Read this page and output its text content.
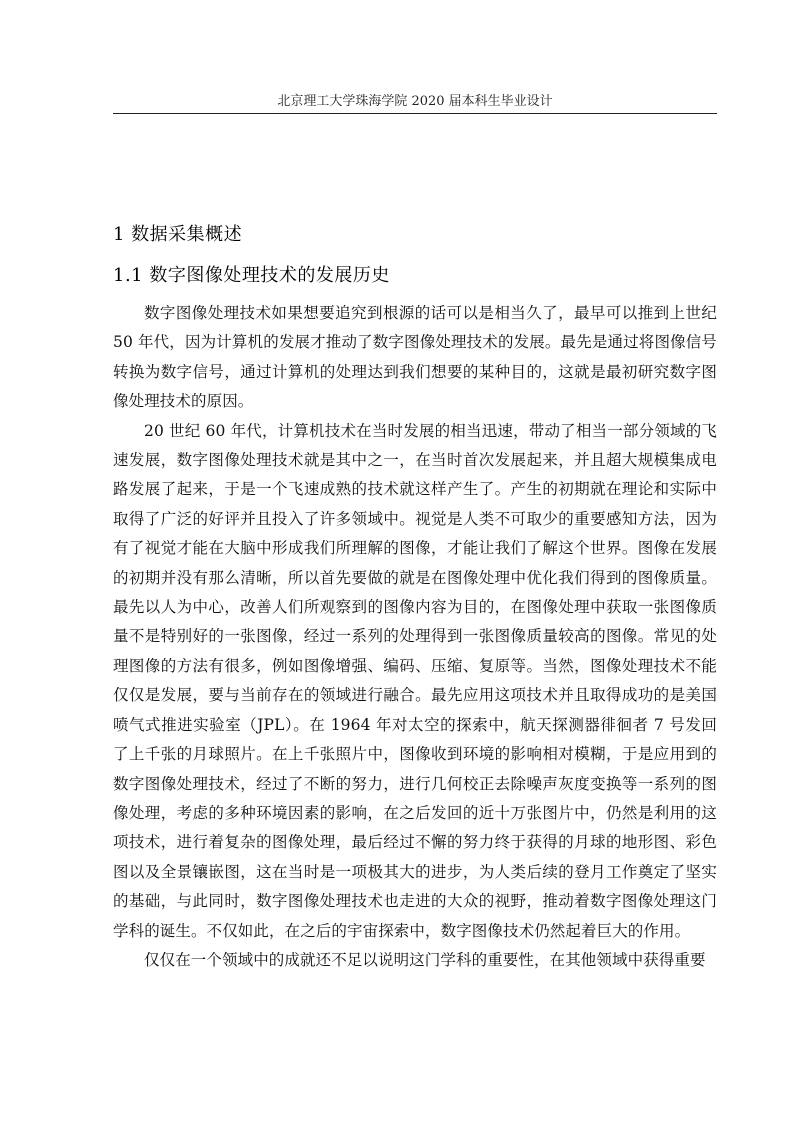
北京理工大学珠海学院 2020 届本科生毕业设计
1 数据采集概述
1.1 数字图像处理技术的发展历史

数字图像处理技术如果想要追究到根源的话可以是相当久了，最早可以推到上世纪 50 年代，因为计算机的发展才推动了数字图像处理技术的发展。最先是通过将图像信号转换为数字信号，通过计算机的处理达到我们想要的某种目的，这就是最初研究数字图像处理技术的原因。

20 世纪 60 年代，计算机技术在当时发展的相当迅速，带动了相当一部分领域的飞速发展，数字图像处理技术就是其中之一，在当时首次发展起来，并且超大规模集成电路发展了起来，于是一个飞速成熟的技术就这样产生了。产生的初期就在理论和实际中取得了广泛的好评并且投入了许多领域中。视觉是人类不可取少的重要感知方法，因为有了视觉才能在大脑中形成我们所理解的图像，才能让我们了解这个世界。图像在发展的初期并没有那么清晰，所以首先要做的就是在图像处理中优化我们得到的图像质量。最先以人为中心，改善人们所观察到的图像内容为目的，在图像处理中获取一张图像质量不是特别好的一张图像，经过一系列的处理得到一张图像质量较高的图像。常见的处理图像的方法有很多，例如图像增强、编码、压缩、复原等。当然，图像处理技术不能仅仅是发展，要与当前存在的领域进行融合。最先应用这项技术并且取得成功的是美国喷气式推进实验室（JPL）。在 1964 年对太空的探索中，航天探测器徘徊者 7 号发回了上千张的月球照片。在上千张照片中，图像收到环境的影响相对模糊，于是应用到的数字图像处理技术，经过了不断的努力，进行几何校正去除噪声灰度变换等一系列的图像处理，考虑的多种环境因素的影响，在之后发回的近十万张图片中，仍然是利用的这项技术，进行着复杂的图像处理，最后经过不懈的努力终于获得的月球的地形图、彩色图以及全景镶嵌图，这在当时是一项极其大的进步，为人类后续的登月工作奠定了坚实的基础，与此同时，数字图像处理技术也走进的大众的视野，推动着数字图像处理这门学科的诞生。不仅如此，在之后的宇宙探索中，数字图像技术仍然起着巨大的作用。

仅仅在一个领域中的成就还不足以说明这门学科的重要性，在其他领域中获得重要
